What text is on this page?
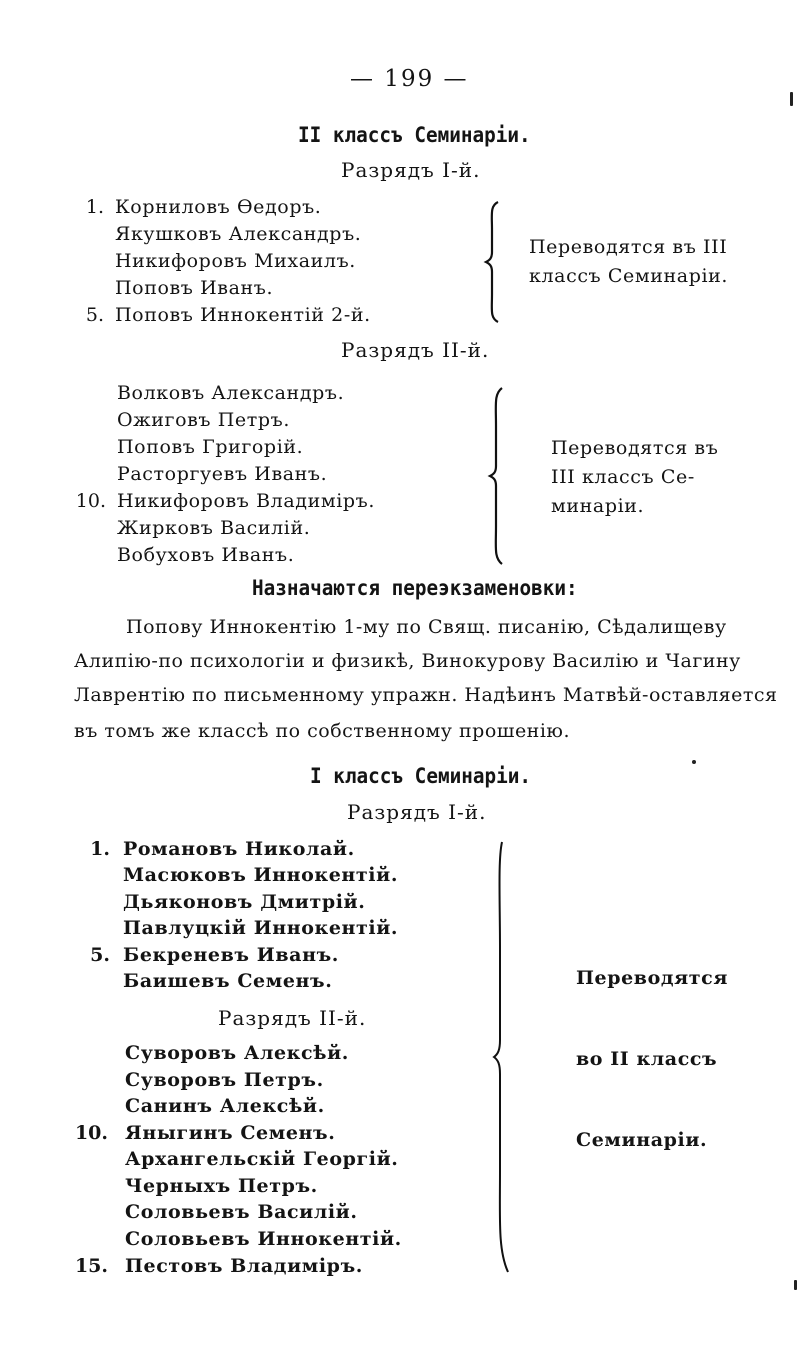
— 199 —
II классъ Семинаріи.
Разрядъ I-й.
1. Корниловъ Өедоръ.
Якушковъ Александръ.
Никифоровъ Михаилъ.
Поповъ Иванъ.
5. Поповъ Иннокентій 2-й.
Переводятся въ III
классъ Семинаріи.
Разрядъ II-й.
Волковъ Александръ.
Ожиговъ Петръ.
Поповъ Григорій.
Расторгуевъ Иванъ.
10. Никифоровъ Владиміръ.
Жирковъ Василій.
Вобуховъ Иванъ.
Переводятся въ
III классъ Се-
минаріи.
Назначаются переэкзаменовки:
Попову Иннокентію 1-му по Свящ. писанію, Сѣдалищеву
Алипію-по психологіи и физикѣ, Винокурову Василію и Чагину
Лаврентію по письменному упражн. Надѣинъ Матвѣй-оставляется
въ томъ же классѣ по собственному прошенію.
I классъ Семинаріи.
Разрядъ I-й.
1. Романовъ Николай.
Масюковъ Иннокентій.
Дьяконовъ Дмитрій.
Павлуцкій Иннокентій.
5. Бекреневъ Иванъ.
Баишевъ Семенъ.
Разрядъ II-й.
Суворовъ Алексѣй.
Суворовъ Петръ.
Санинъ Алексѣй.
10. Яныгинъ Семенъ.
Архангельскій Георгій.
Черныхъ Петръ.
Соловьевъ Василій.
Соловьевъ Иннокентій.
15. Пестовъ Владиміръ.
Переводятся
во II классъ
Семинаріи.
